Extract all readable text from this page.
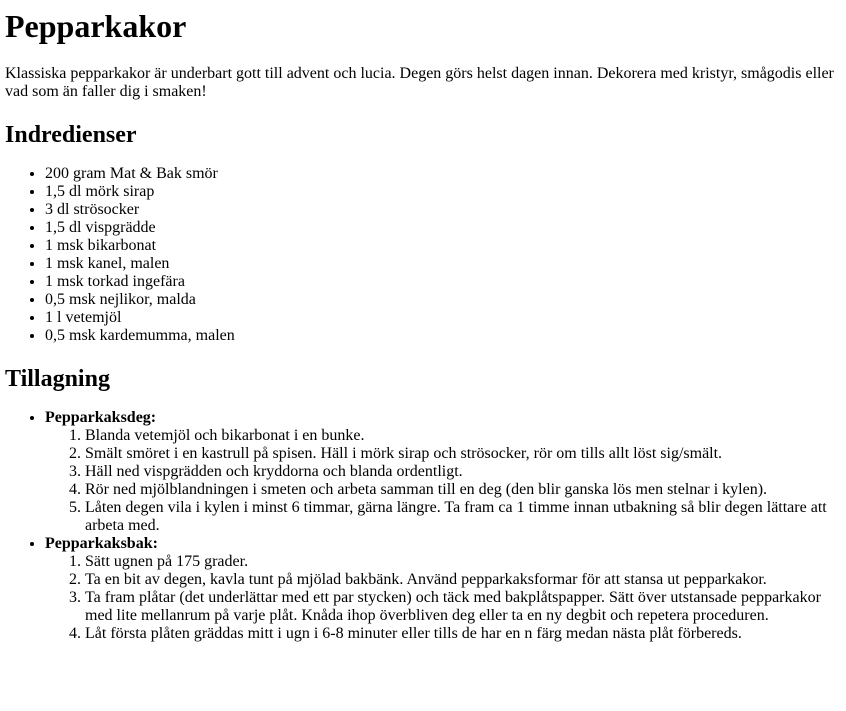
Pepparkakor

Klassiska pepparkakor är underbart gott till advent och lucia. Degen görs helst dagen innan. Dekorera med kristyr, smågodis eller vad som än faller dig i smaken!

Indredienser
• 200 gram Mat & Bak smör
• 1,5 dl mörk sirap
• 3 dl strösocker
• 1,5 dl vispgrädde
• 1 msk bikarbonat
• 1 msk kanel, malen
• 1 msk torkad ingefära
• 0,5 msk nejlikor, malda
• 1 l vetemjöl
• 0,5 msk kardemumma, malen
Tillagning
• Pepparkaksdeg:
1. Blanda vetemjöl och bikarbonat i en bunke.
2. Smält smöret i en kastrull på spisen. Häll i mörk sirap och strösocker, rör om tills allt löst sig/smält.
3. Häll ned vispgrädden och kryddorna och blanda ordentligt.
4. Rör ned mjölblandningen i smeten och arbeta samman till en deg (den blir ganska lös men stelnar i kylen).
5. Låten degen vila i kylen i minst 6 timmar, gärna längre. Ta fram ca 1 timme innan utbakning så blir degen lättare att arbeta med.
• Pepparkaksbak:
1. Sätt ugnen på 175 grader.
2. Ta en bit av degen, kavla tunt på mjölad bakbänk. Använd pepparkaksformar för att stansa ut pepparkakor.
3. Ta fram plåtar (det underlättar med ett par stycken) och täck med bakplåtspapper. Sätt över utstansade pepparkakor med lite mellanrum på varje plåt. Knåda ihop överbliven deg eller ta en ny degbit och repetera proceduren.
4. Låt första plåten gräddas mitt i ugn i 6-8 minuter eller tills de har en n färg medan nästa plåt förbereds.
